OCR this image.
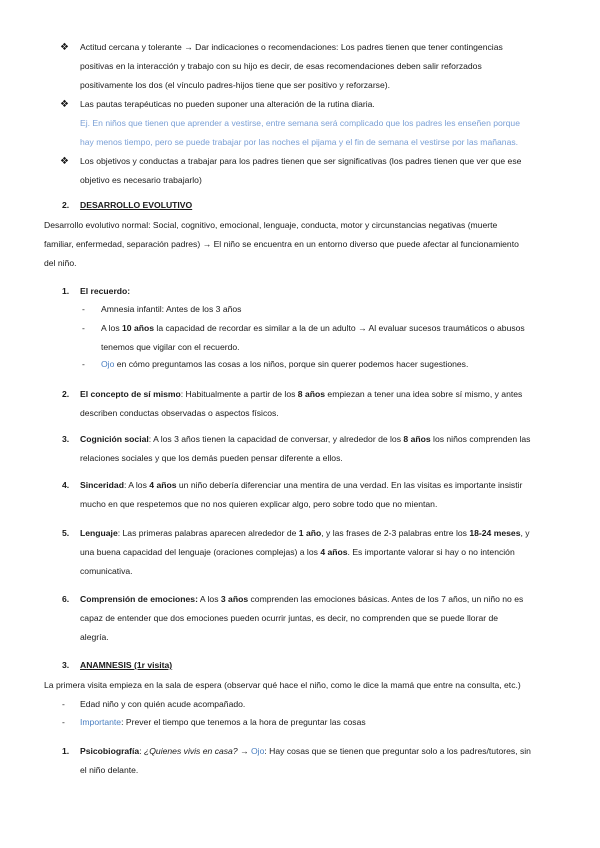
❖ Actitud cercana y tolerante → Dar indicaciones o recomendaciones: Los padres tienen que tener contingencias
positivas en la interacción y trabajo con su hijo es decir, de esas recomendaciones deben salir reforzados
positivamente los dos (el vínculo padres-hijos tiene que ser positivo y reforzarse).
❖ Las pautas terapéuticas no pueden suponer una alteración de la rutina diaria.
Ej. En niños que tienen que aprender a vestirse, entre semana será complicado que los padres les enseñen porque
hay menos tiempo, pero se puede trabajar por las noches el pijama y el fin de semana el vestirse por las mañanas.
❖ Los objetivos y conductas a trabajar para los padres tienen que ser significativas (los padres tienen que ver que ese
objetivo es necesario trabajarlo)
2. DESARROLLO EVOLUTIVO
Desarrollo evolutivo normal: Social, cognitivo, emocional, lenguaje, conducta, motor y circunstancias negativas (muerte
familiar, enfermedad, separación padres) → El niño se encuentra en un entorno diverso que puede afectar al funcionamiento
del niño.
1. El recuerdo:
- Amnesia infantil: Antes de los 3 años
- A los 10 años la capacidad de recordar es similar a la de un adulto → Al evaluar sucesos traumáticos o abusos
tenemos que vigilar con el recuerdo.
- Ojo en cómo preguntamos las cosas a los niños, porque sin querer podemos hacer sugestiones.
2. El concepto de sí mismo: Habitualmente a partir de los 8 años empiezan a tener una idea sobre sí mismo, y antes
describen conductas observadas o aspectos físicos.
3. Cognición social: A los 3 años tienen la capacidad de conversar, y alrededor de los 8 años los niños comprenden las
relaciones sociales y que los demás pueden pensar diferente a ellos.
4. Sinceridad: A los 4 años un niño debería diferenciar una mentira de una verdad. En las visitas es importante insistir
mucho en que respetemos que no nos quieren explicar algo, pero sobre todo que no mientan.
5. Lenguaje: Las primeras palabras aparecen alrededor de 1 año, y las frases de 2-3 palabras entre los 18-24 meses, y
una buena capacidad del lenguaje (oraciones complejas) a los 4 años. Es importante valorar si hay o no intención
comunicativa.
6. Comprensión de emociones: A los 3 años comprenden las emociones básicas. Antes de los 7 años, un niño no es
capaz de entender que dos emociones pueden ocurrir juntas, es decir, no comprenden que se puede llorar de
alegría.
3. ANAMNESIS (1r visita)
La primera visita empieza en la sala de espera (observar qué hace el niño, como le dice la mamá que entre na consulta, etc.)
- Edad niño y con quién acude acompañado.
- Importante: Prever el tiempo que tenemos a la hora de preguntar las cosas
1. Psicobiografía: ¿Quienes vivis en casa? → Ojo: Hay cosas que se tienen que preguntar solo a los padres/tutores, sin
el niño delante.
